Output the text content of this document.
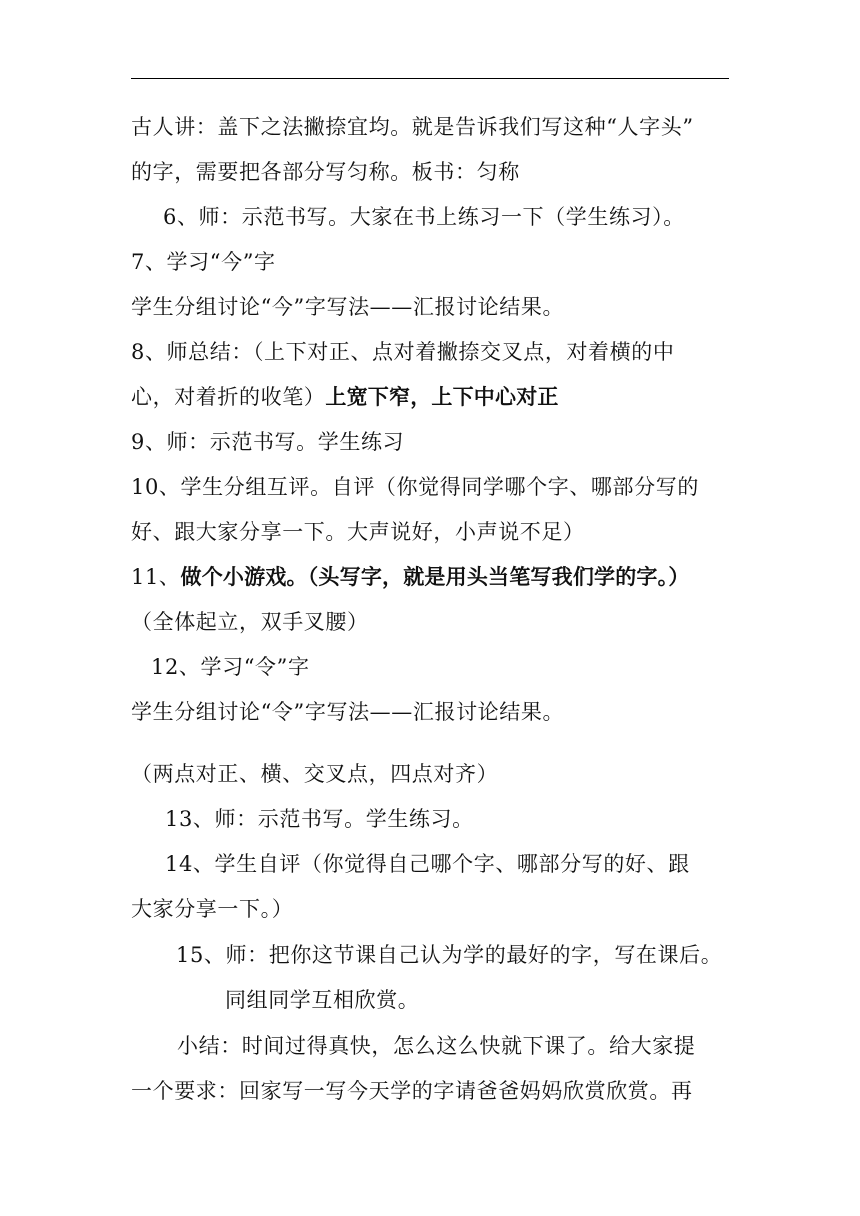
古人讲：盖下之法撇捺宜均。就是告诉我们写这种“人字头”
的字，需要把各部分写匀称。板书：匀称
6、师：示范书写。大家在书上练习一下（学生练习）。
7、学习“今”字
学生分组讨论“今”字写法——汇报讨论结果。
8、师总结：（上下对正、点对着撇捺交叉点，对着横的中
心，对着折的收笔）上宽下窄，上下中心对正
9、师：示范书写。学生练习
10、学生分组互评。自评（你觉得同学哪个字、哪部分写的
好、跟大家分享一下。大声说好，小声说不足）
11、做个小游戏。（头写字，就是用头当笔写我们学的字。）
（全体起立，双手叉腰）
12、学习“令”字
学生分组讨论“令”字写法——汇报讨论结果。
（两点对正、横、交叉点，四点对齐）
13、师：示范书写。学生练习。
14、学生自评（你觉得自己哪个字、哪部分写的好、跟
大家分享一下。）
15、师：把你这节课自己认为学的最好的字，写在课后。
同组同学互相欣赏。
小结：时间过得真快，怎么这么快就下课了。给大家提
一个要求：回家写一写今天学的字请爸爸妈妈欣赏欣赏。再
